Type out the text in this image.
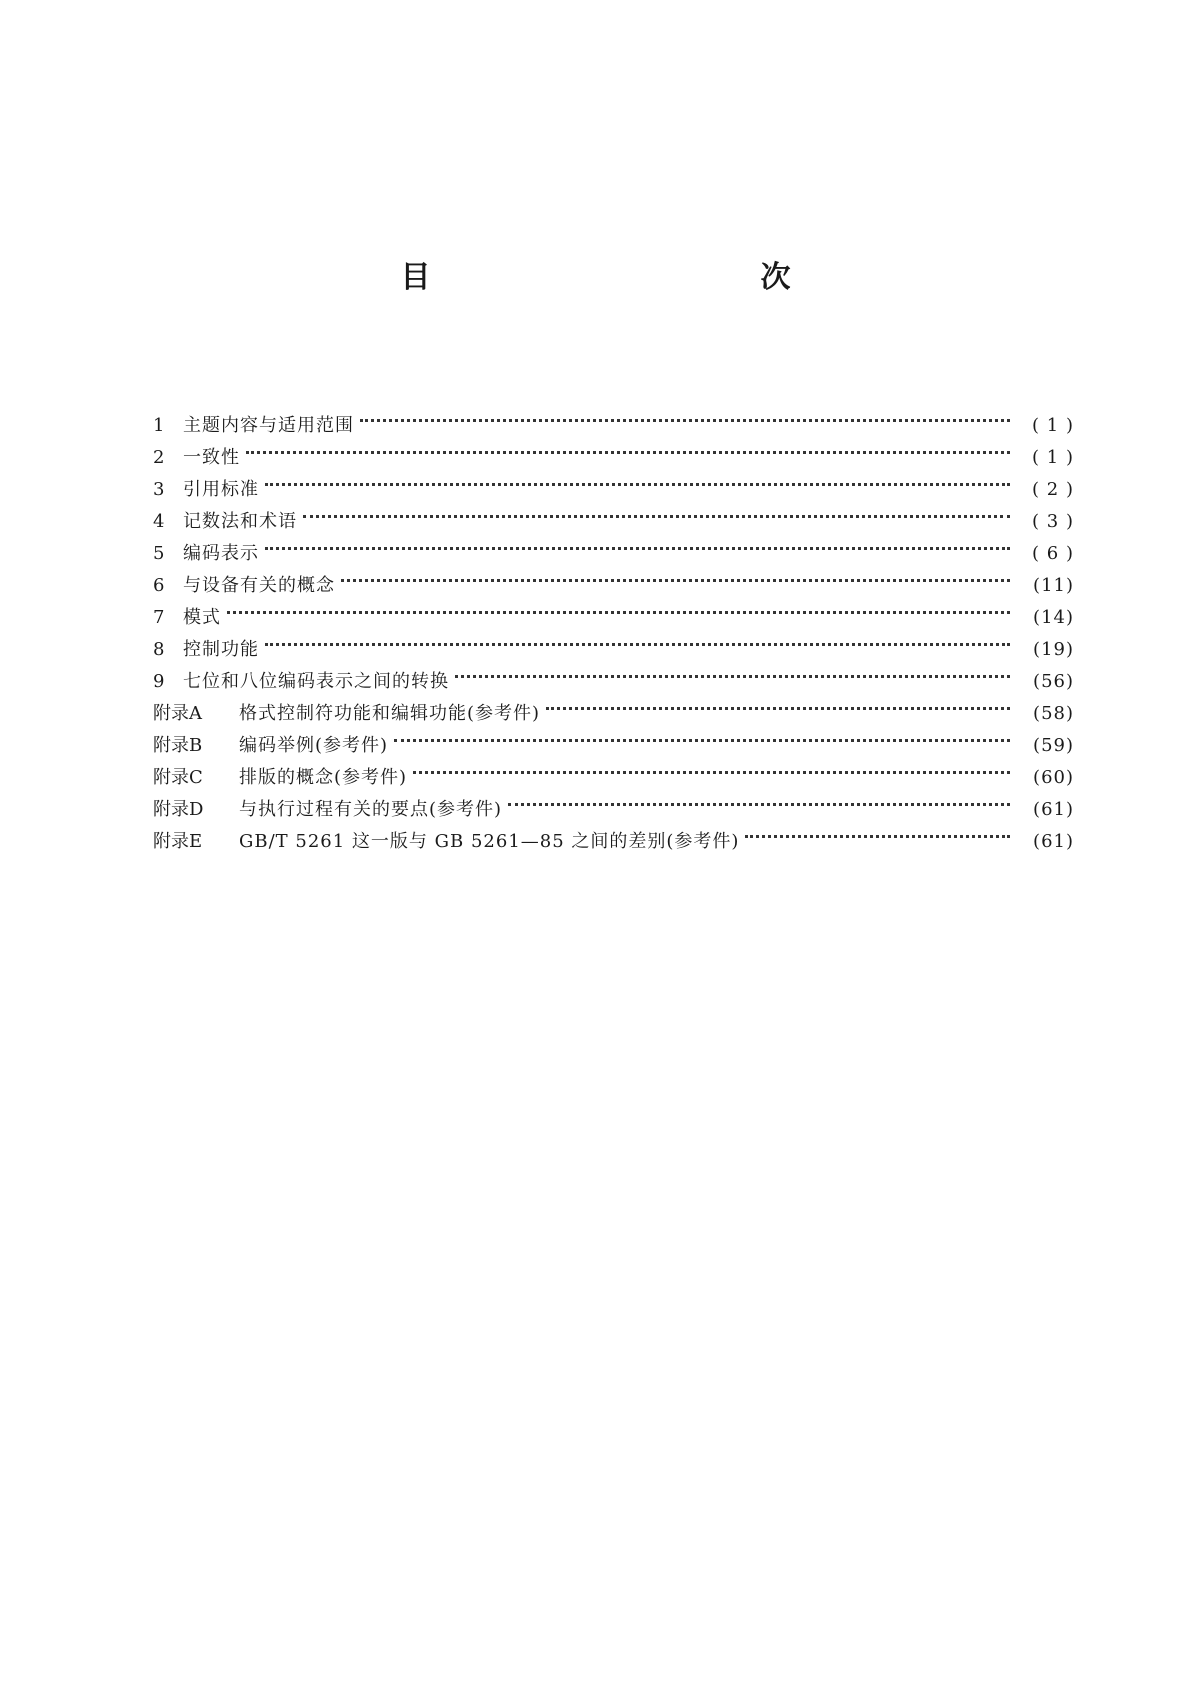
目　　次
1	主题内容与适用范围	( 1 )
2	一致性	( 1 )
3	引用标准	( 2 )
4	记数法和术语	( 3 )
5	编码表示	( 6 )
6	与设备有关的概念	(11)
7	模式	(14)
8	控制功能	(19)
9	七位和八位编码表示之间的转换	(56)
附录A	格式控制符功能和编辑功能(参考件)	(58)
附录B	编码举例(参考件)	(59)
附录C	排版的概念(参考件)	(60)
附录D	与执行过程有关的要点(参考件)	(61)
附录E	GB/T 5261 这一版与 GB 5261—85 之间的差别(参考件)	(61)
